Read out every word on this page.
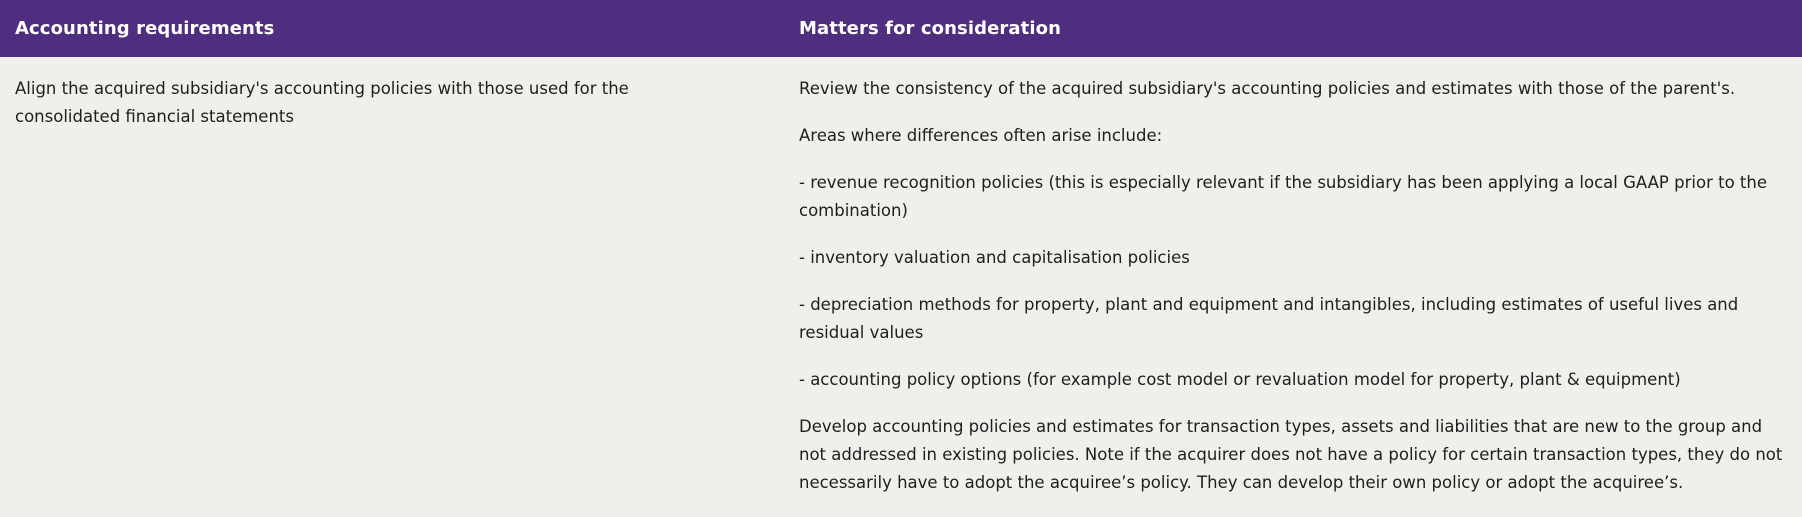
Accounting requirements	Matters for consideration

Align the acquired subsidiary's accounting policies with those used for the consolidated financial statements

Review the consistency of the acquired subsidiary's accounting policies and estimates with those of the parent's.

Areas where differences often arise include:

- revenue recognition policies (this is especially relevant if the subsidiary has been applying a local GAAP prior to the combination)

- inventory valuation and capitalisation policies

- depreciation methods for property, plant and equipment and intangibles, including estimates of useful lives and residual values

- accounting policy options (for example cost model or revaluation model for property, plant & equipment)

Develop accounting policies and estimates for transaction types, assets and liabilities that are new to the group and not addressed in existing policies. Note if the acquirer does not have a policy for certain transaction types, they do not necessarily have to adopt the acquiree’s policy. They can develop their own policy or adopt the acquiree’s.
